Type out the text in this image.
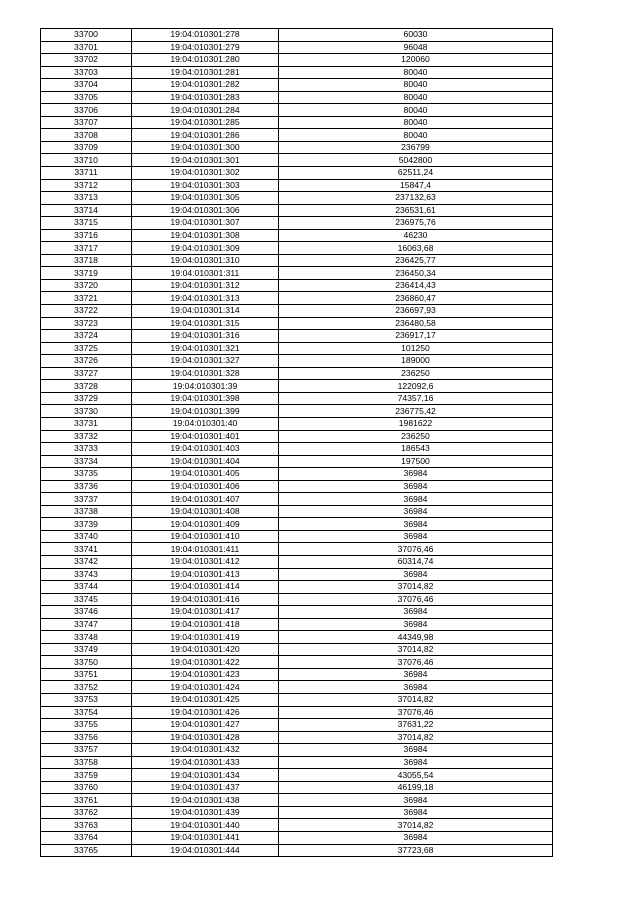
33700	19:04:010301:278	60030
33701	19:04:010301:279	96048
33702	19:04:010301:280	120060
33703	19:04:010301:281	80040
33704	19:04:010301:282	80040
33705	19:04:010301:283	80040
33706	19:04:010301:284	80040
33707	19:04:010301:285	80040
33708	19:04:010301:286	80040
33709	19:04:010301:300	236799
33710	19:04:010301:301	5042800
33711	19:04:010301:302	62511,24
33712	19:04:010301:303	15847,4
33713	19:04:010301:305	237132,63
33714	19:04:010301:306	236531,61
33715	19:04:010301:307	236975,76
33716	19:04:010301:308	46230
33717	19:04:010301:309	16063,68
33718	19:04:010301:310	236425,77
33719	19:04:010301:311	236450,34
33720	19:04:010301:312	236414,43
33721	19:04:010301:313	236860,47
33722	19:04:010301:314	236697,93
33723	19:04:010301:315	236480,58
33724	19:04:010301:316	236917,17
33725	19:04:010301:321	101250
33726	19:04:010301:327	189000
33727	19:04:010301:328	236250
33728	19:04:010301:39	122092,6
33729	19:04:010301:398	74357,16
33730	19:04:010301:399	236775,42
33731	19:04:010301:40	1981622
33732	19:04:010301:401	236250
33733	19:04:010301:403	186543
33734	19:04:010301:404	197500
33735	19:04:010301:405	36984
33736	19:04:010301:406	36984
33737	19:04:010301:407	36984
33738	19:04:010301:408	36984
33739	19:04:010301:409	36984
33740	19:04:010301:410	36984
33741	19:04:010301:411	37076,46
33742	19:04:010301:412	60314,74
33743	19:04:010301:413	36984
33744	19:04:010301:414	37014,82
33745	19:04:010301:416	37076,46
33746	19:04:010301:417	36984
33747	19:04:010301:418	36984
33748	19:04:010301:419	44349,98
33749	19:04:010301:420	37014,82
33750	19:04:010301:422	37076,46
33751	19:04:010301:423	36984
33752	19:04:010301:424	36984
33753	19:04:010301:425	37014,82
33754	19:04:010301:426	37076,46
33755	19:04:010301:427	37631,22
33756	19:04:010301:428	37014,82
33757	19:04:010301:432	36984
33758	19:04:010301:433	36984
33759	19:04:010301:434	43055,54
33760	19:04:010301:437	46199,18
33761	19:04:010301:438	36984
33762	19:04:010301:439	36984
33763	19:04:010301:440	37014,82
33764	19:04:010301:441	36984
33765	19:04:010301:444	37723,68
